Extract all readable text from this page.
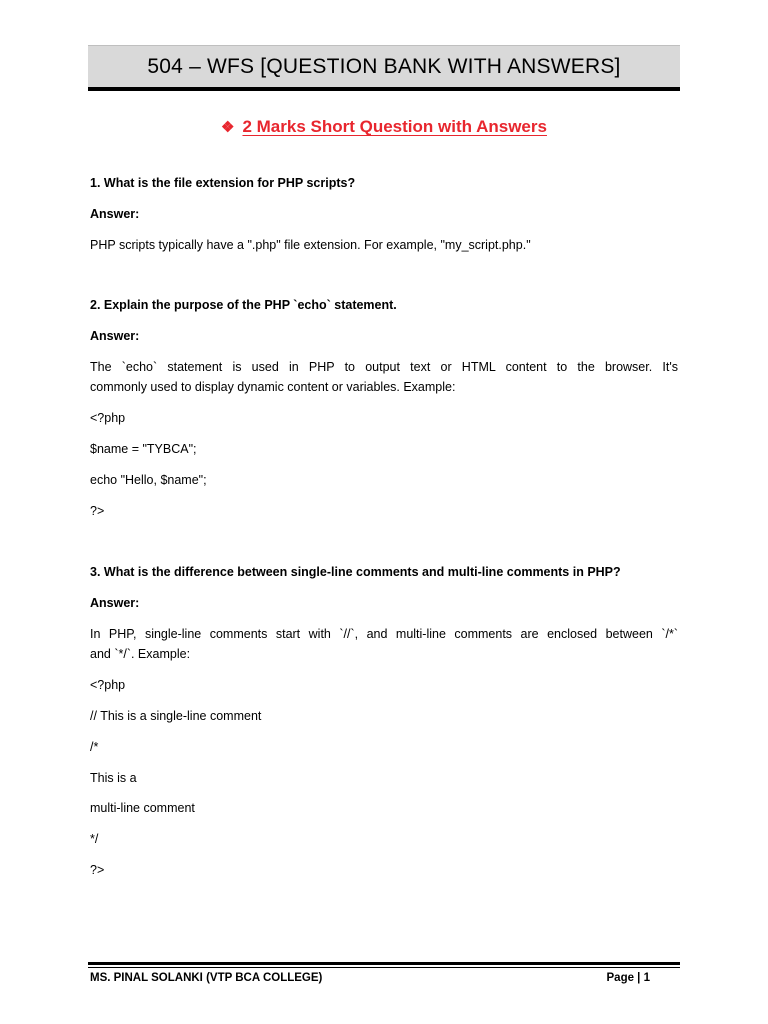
504 – WFS [QUESTION BANK WITH ANSWERS]
❖ 2 Marks Short Question with Answers
1. What is the file extension for PHP scripts?
Answer:
PHP scripts typically have a ".php" file extension. For example, "my_script.php."
2. Explain the purpose of the PHP `echo` statement.
Answer:
The `echo` statement is used in PHP to output text or HTML content to the browser. It's
commonly used to display dynamic content or variables. Example:
<?php
$name = "TYBCA";
echo "Hello, $name";
?>
3. What is the difference between single-line comments and multi-line comments in PHP?
Answer:
In PHP, single-line comments start with `//`, and multi-line comments are enclosed between `/*`
and `*/`. Example:
<?php
// This is a single-line comment
/*
This is a
multi-line comment
*/
?>
MS. PINAL SOLANKI (VTP BCA COLLEGE)	Page | 1
